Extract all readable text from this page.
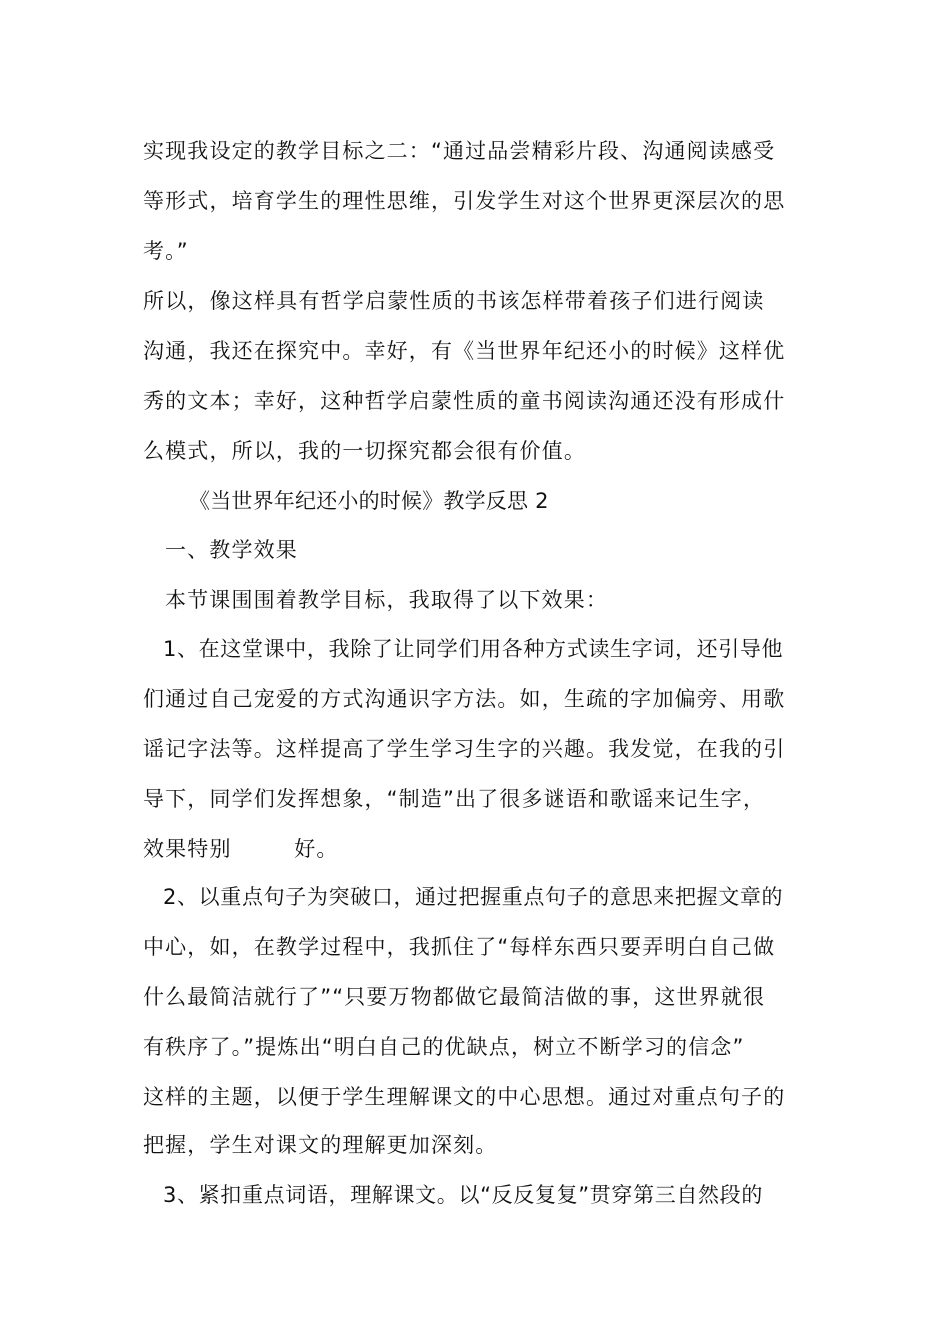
实现我设定的教学目标之二：“通过品尝精彩片段、沟通阅读感受
等形式，培育学生的理性思维，引发学生对这个世界更深层次的思
考。”
所以，像这样具有哲学启蒙性质的书该怎样带着孩子们进行阅读
沟通，我还在探究中。幸好，有《当世界年纪还小的时候》这样优
秀的文本；幸好，这种哲学启蒙性质的童书阅读沟通还没有形成什
么模式，所以，我的一切探究都会很有价值。
《当世界年纪还小的时候》教学反思 2
一、教学效果
本节课围围着教学目标，我取得了以下效果：
1、在这堂课中，我除了让同学们用各种方式读生字词，还引导他
们通过自己宠爱的方式沟通识字方法。如，生疏的字加偏旁、用歌
谣记字法等。这样提高了学生学习生字的兴趣。我发觉，在我的引
导下，同学们发挥想象，“制造”出了很多谜语和歌谣来记生字，
效果特别        好。
2、以重点句子为突破口，通过把握重点句子的意思来把握文章的
中心，如，在教学过程中，我抓住了“每样东西只要弄明白自己做
什么最简洁就行了”“只要万物都做它最简洁做的事，这世界就很
有秩序了。”提炼出“明白自己的优缺点，树立不断学习的信念”
这样的主题，以便于学生理解课文的中心思想。通过对重点句子的
把握，学生对课文的理解更加深刻。
3、紧扣重点词语，理解课文。以“反反复复”贯穿第三自然段的
